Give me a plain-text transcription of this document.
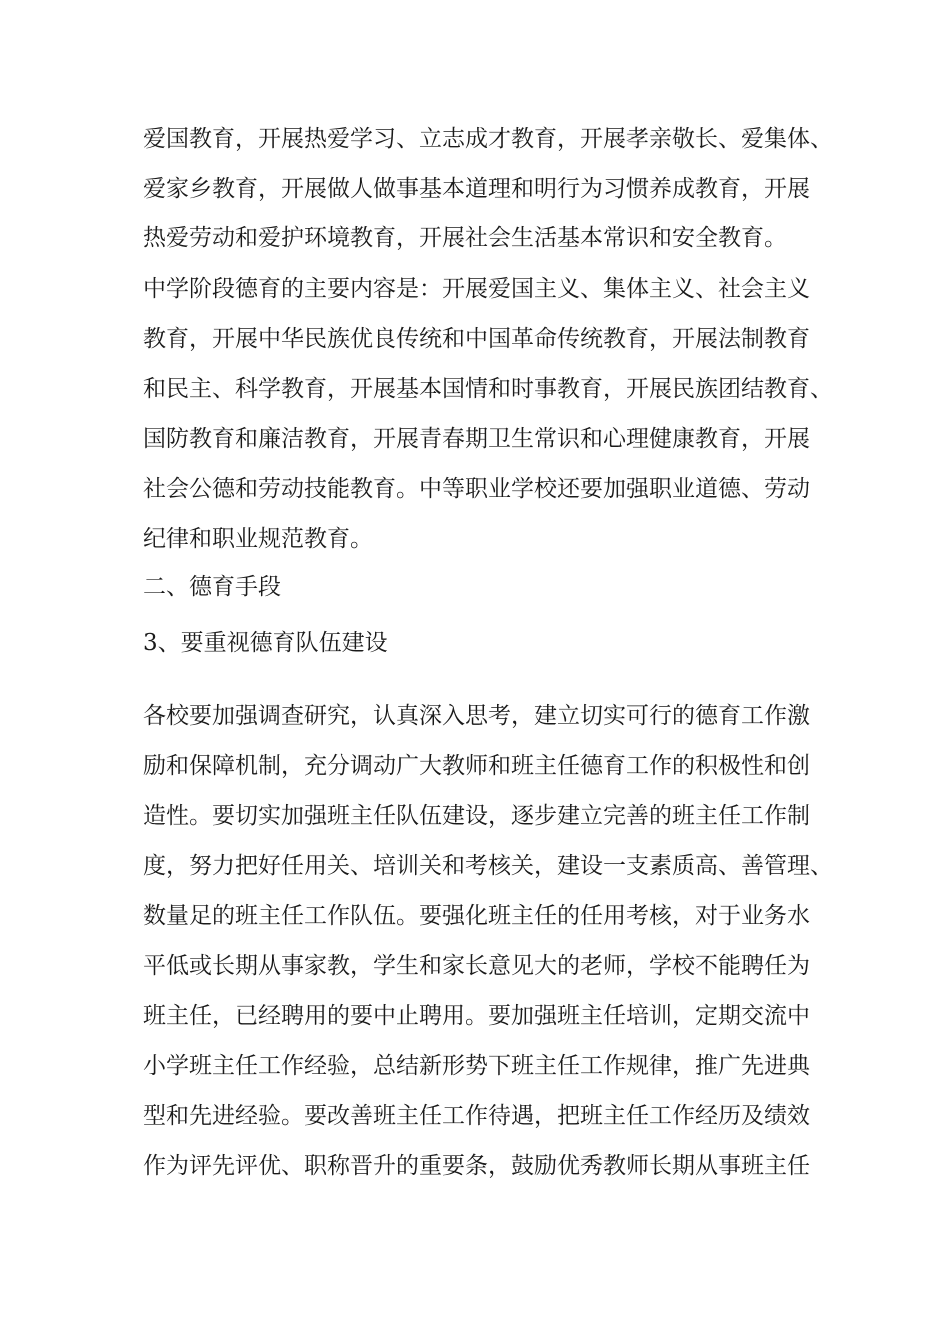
爱国教育，开展热爱学习、立志成才教育，开展孝亲敬长、爱集体、
爱家乡教育，开展做人做事基本道理和明行为习惯养成教育，开展
热爱劳动和爱护环境教育，开展社会生活基本常识和安全教育。
中学阶段德育的主要内容是：开展爱国主义、集体主义、社会主义
教育，开展中华民族优良传统和中国革命传统教育，开展法制教育
和民主、科学教育，开展基本国情和时事教育，开展民族团结教育、
国防教育和廉洁教育，开展青春期卫生常识和心理健康教育，开展
社会公德和劳动技能教育。中等职业学校还要加强职业道德、劳动
纪律和职业规范教育。
二、德育手段
3、要重视德育队伍建设
各校要加强调查研究，认真深入思考，建立切实可行的德育工作激
励和保障机制，充分调动广大教师和班主任德育工作的积极性和创
造性。要切实加强班主任队伍建设，逐步建立完善的班主任工作制
度，努力把好任用关、培训关和考核关，建设一支素质高、善管理、
数量足的班主任工作队伍。要强化班主任的任用考核，对于业务水
平低或长期从事家教，学生和家长意见大的老师，学校不能聘任为
班主任，已经聘用的要中止聘用。要加强班主任培训，定期交流中
小学班主任工作经验，总结新形势下班主任工作规律，推广先进典
型和先进经验。要改善班主任工作待遇，把班主任工作经历及绩效
作为评先评优、职称晋升的重要条，鼓励优秀教师长期从事班主任
